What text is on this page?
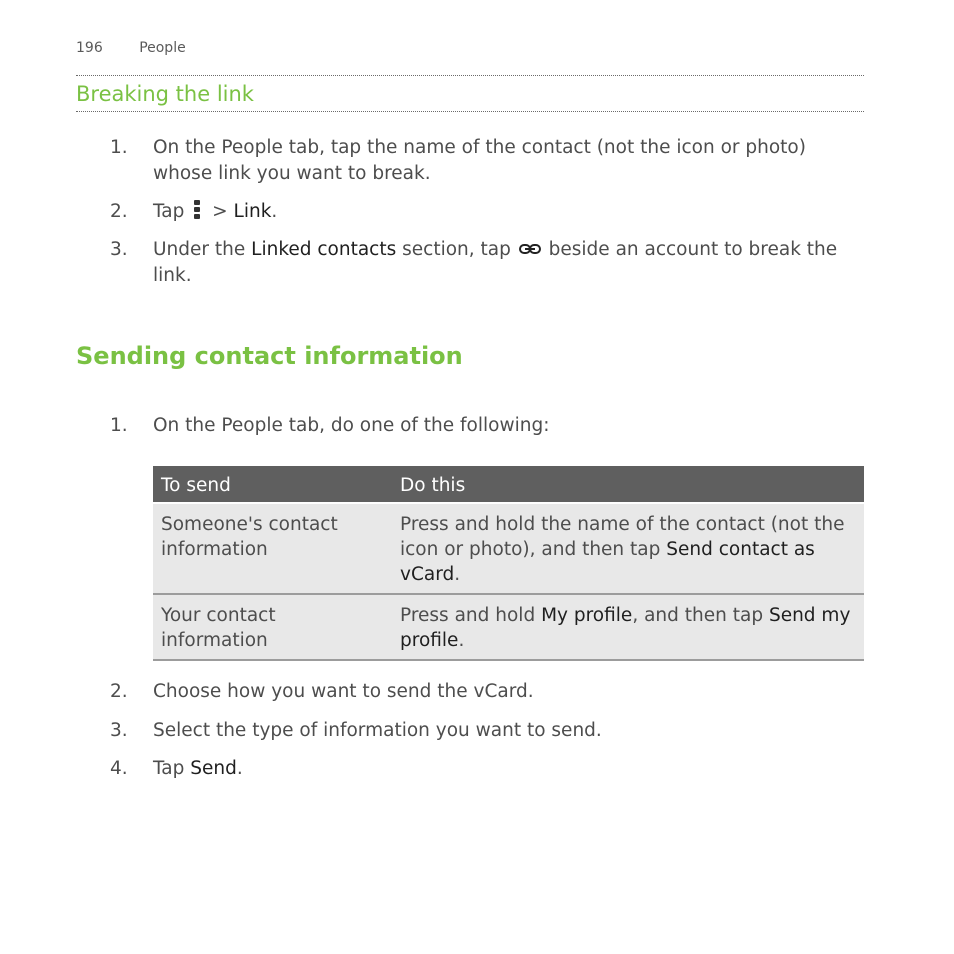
196	People
Breaking the link
1. On the People tab, tap the name of the contact (not the icon or photo) whose link you want to break.
2. Tap > Link.
3. Under the Linked contacts section, tap beside an account to break the link.
Sending contact information
1. On the People tab, do one of the following:
To send	Do this
Someone's contact information	Press and hold the name of the contact (not the icon or photo), and then tap Send contact as vCard.
Your contact information	Press and hold My profile, and then tap Send my profile.
2. Choose how you want to send the vCard.
3. Select the type of information you want to send.
4. Tap Send.
